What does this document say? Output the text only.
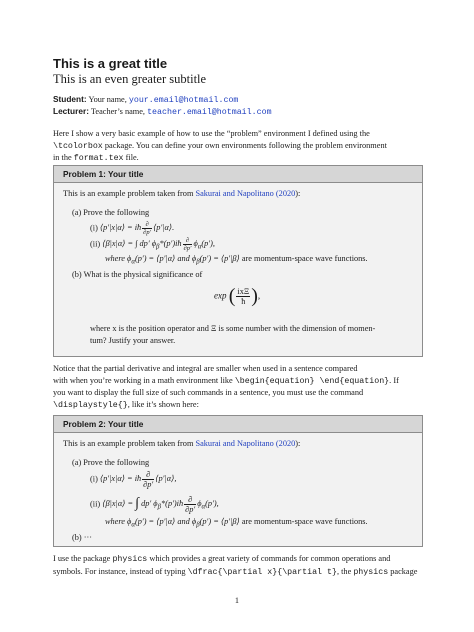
This is a great title
This is an even greater subtitle
Student: Your name, your.email@hotmail.com
Lecturer: Teacher’s name, teacher.email@hotmail.com
Here I show a very basic example of how to use the “problem” environment I defined using the
\tcolorbox package. You can define your own environments following the problem environment
in the format.tex file.
Problem 1: Your title
This is an example problem taken from Sakurai and Napolitano (2020):
(a) Prove the following
(i) ⟨p′|x|α⟩ = iħ $\frac{\partial}{\partial p'}$ ⟨p′|α⟩.
(ii) ⟨β|x|α⟩ = ∫ dp′ $\phi_\beta*(p')iħ \frac{\partial}{\partial p'} \phi_\alpha(p')$,
where $\phi_\alpha(p')$ = ⟨p′|α⟩ and $\phi_\beta(p')$ = ⟨p′|β⟩ are momentum-space wave functions.
(b) What is the physical significance of
exp ( $\frac{\text{ixΞ}}{ħ}$ ),
where x is the position operator and Ξ is some number with the dimension of momen-
tum? Justify your answer.
Notice that the partial derivative and integral are smaller when used in a sentence compared
with when you’re working in a math environment like \begin{equation} \end{equation}. If
you want to display the full size of such commands in a sentence, you must use the command
\displaystyle{}, like it’s shown here:
Problem 2: Your title
This is an example problem taken from Sakurai and Napolitano (2020):
(a) Prove the following
(i) ⟨p′|x|α⟩ = iħ $\frac{\partial}{\partial p'}$ ⟨p′|α⟩,
(ii) ⟨β|x|α⟩ = ∫ dp′ $\phi_\beta*(p')iħ \frac{\partial}{\partial p'} \phi_\alpha(p')$,
where $\phi_\alpha(p')$ = ⟨p′|α⟩ and $\phi_\beta(p')$ = ⟨p′|β⟩ are momentum-space wave functions.
(b) ···
I use the package physics which provides a great variety of commands for common operations and
symbols. For instance, instead of typing \dfrac{\partial x}{\partial t}, the physics package
1
